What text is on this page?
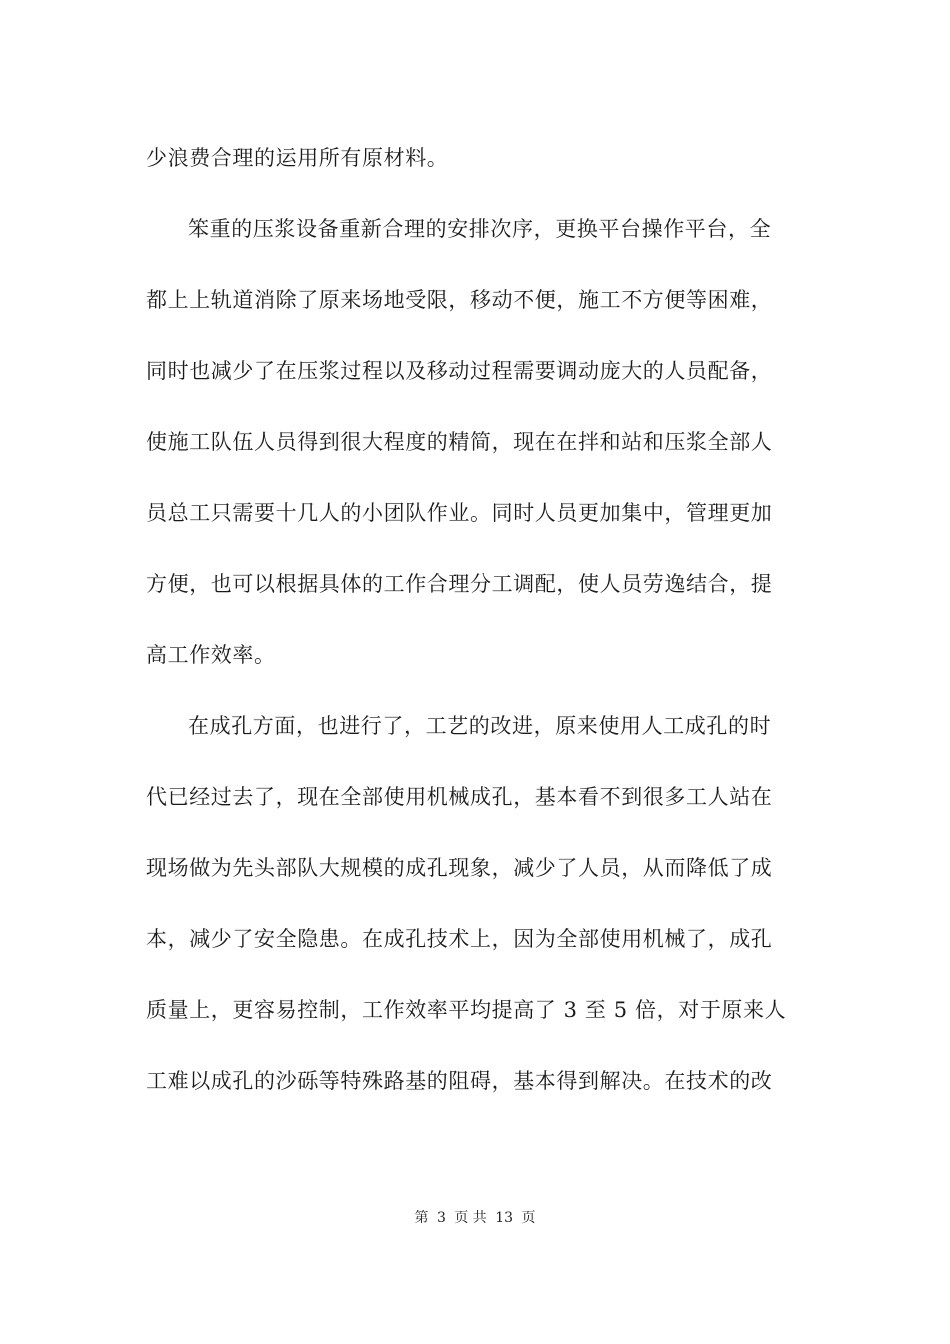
少浪费合理的运用所有原材料。
笨重的压浆设备重新合理的安排次序，更换平台操作平台，全
都上上轨道消除了原来场地受限，移动不便，施工不方便等困难，
同时也减少了在压浆过程以及移动过程需要调动庞大的人员配备，
使施工队伍人员得到很大程度的精简，现在在拌和站和压浆全部人
员总工只需要十几人的小团队作业。同时人员更加集中，管理更加
方便，也可以根据具体的工作合理分工调配，使人员劳逸结合，提
高工作效率。
在成孔方面，也进行了，工艺的改进，原来使用人工成孔的时
代已经过去了，现在全部使用机械成孔，基本看不到很多工人站在
现场做为先头部队大规模的成孔现象，减少了人员，从而降低了成
本，减少了安全隐患。在成孔技术上，因为全部使用机械了，成孔
质量上，更容易控制，工作效率平均提高了 3 至 5 倍，对于原来人
工难以成孔的沙砾等特殊路基的阻碍，基本得到解决。在技术的改
第 3 页 共 13 页
